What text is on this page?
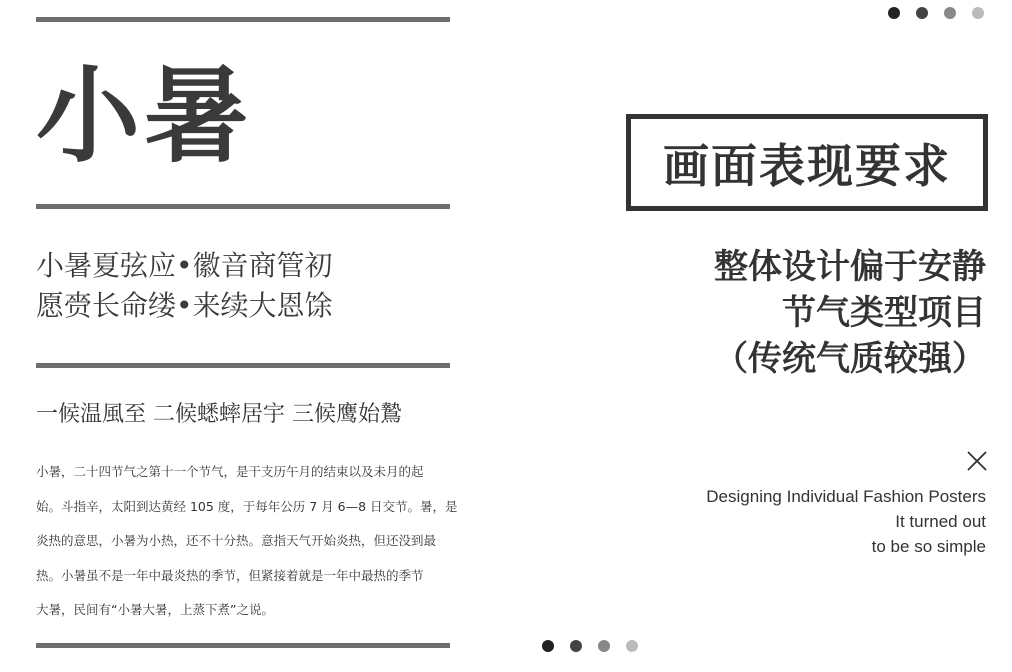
小暑
小暑夏弦应•徽音商管初
愿赍长命缕•来续大恩馀
一候温風至 二候蟋蟀居宇 三候鹰始鷙
小暑，二十四节气之第十一个节气，是干支历午月的结束以及未月的起
始。斗指辛，太阳到达黄经 105 度，于每年公历 7 月 6—8 日交节。暑，是
炎热的意思，小暑为小热，还不十分热。意指天气开始炎热，但还没到最
热。小暑虽不是一年中最炎热的季节，但紧接着就是一年中最热的季节
大暑，民间有“小暑大暑，上蒸下煮”之说。
画面表现要求
整体设计偏于安静
节气类型项目
（传统气质较强）
Designing Individual Fashion Posters
It turned out
to be so simple
